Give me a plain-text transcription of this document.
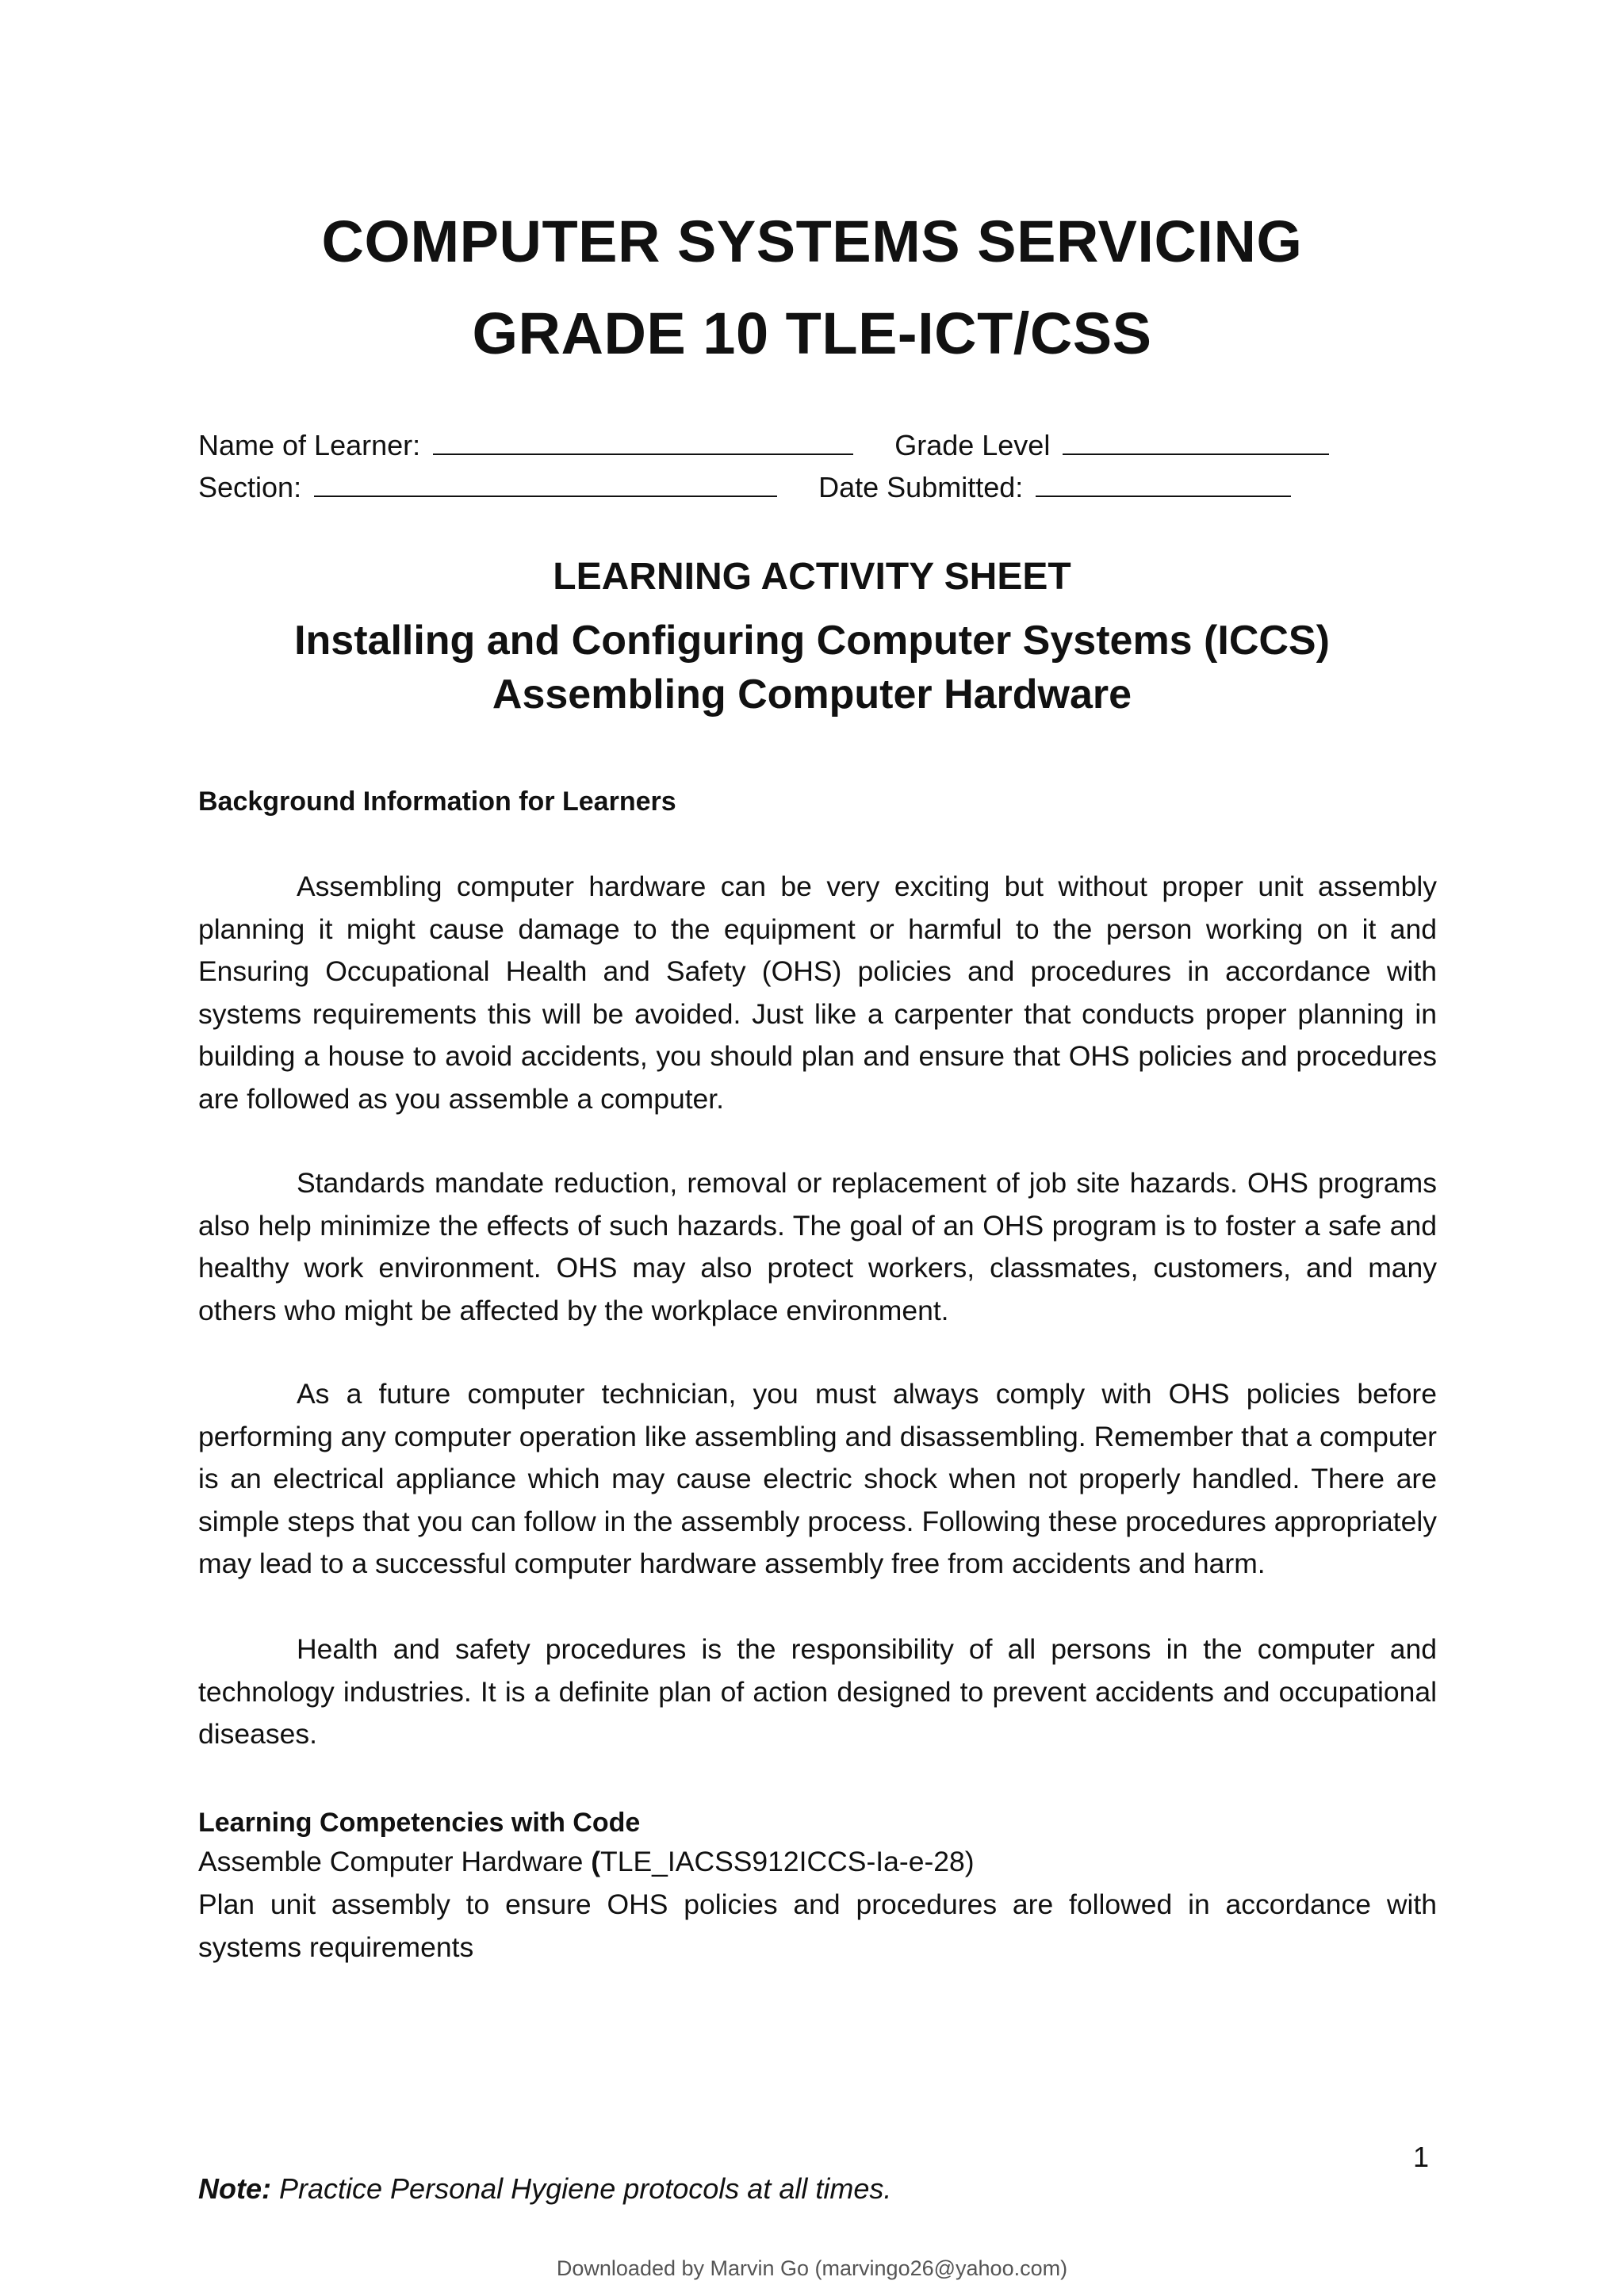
COMPUTER SYSTEMS SERVICING
GRADE 10 TLE-ICT/CSS
Name of Learner:	Grade Level
Section:	Date Submitted:
LEARNING ACTIVITY SHEET
Installing and Configuring Computer Systems (ICCS)
Assembling Computer Hardware
Background Information for Learners
Assembling computer hardware can be very exciting but without proper unit assembly planning it might cause damage to the equipment or harmful to the person working on it and Ensuring Occupational Health and Safety (OHS) policies and procedures in accordance with systems requirements this will be avoided. Just like a carpenter that conducts proper planning in building a house to avoid accidents, you should plan and ensure that OHS policies and procedures are followed as you assemble a computer.
Standards mandate reduction, removal or replacement of job site hazards. OHS programs also help minimize the effects of such hazards. The goal of an OHS program is to foster a safe and healthy work environment. OHS may also protect workers, classmates, customers, and many others who might be affected by the workplace environment.
As a future computer technician, you must always comply with OHS policies before performing any computer operation like assembling and disassembling. Remember that a computer is an electrical appliance which may cause electric shock when not properly handled. There are simple steps that you can follow in the assembly process. Following these procedures appropriately may lead to a successful computer hardware assembly free from accidents and harm.
Health and safety procedures is the responsibility of all persons in the computer and technology industries. It is a definite plan of action designed to prevent accidents and occupational diseases.
Learning Competencies with Code
Assemble Computer Hardware (TLE_IACSS912ICCS-Ia-e-28)
Plan unit assembly to ensure OHS policies and procedures are followed in accordance with systems requirements
1
Note: Practice Personal Hygiene protocols at all times.
Downloaded by Marvin Go (marvingo26@yahoo.com)
